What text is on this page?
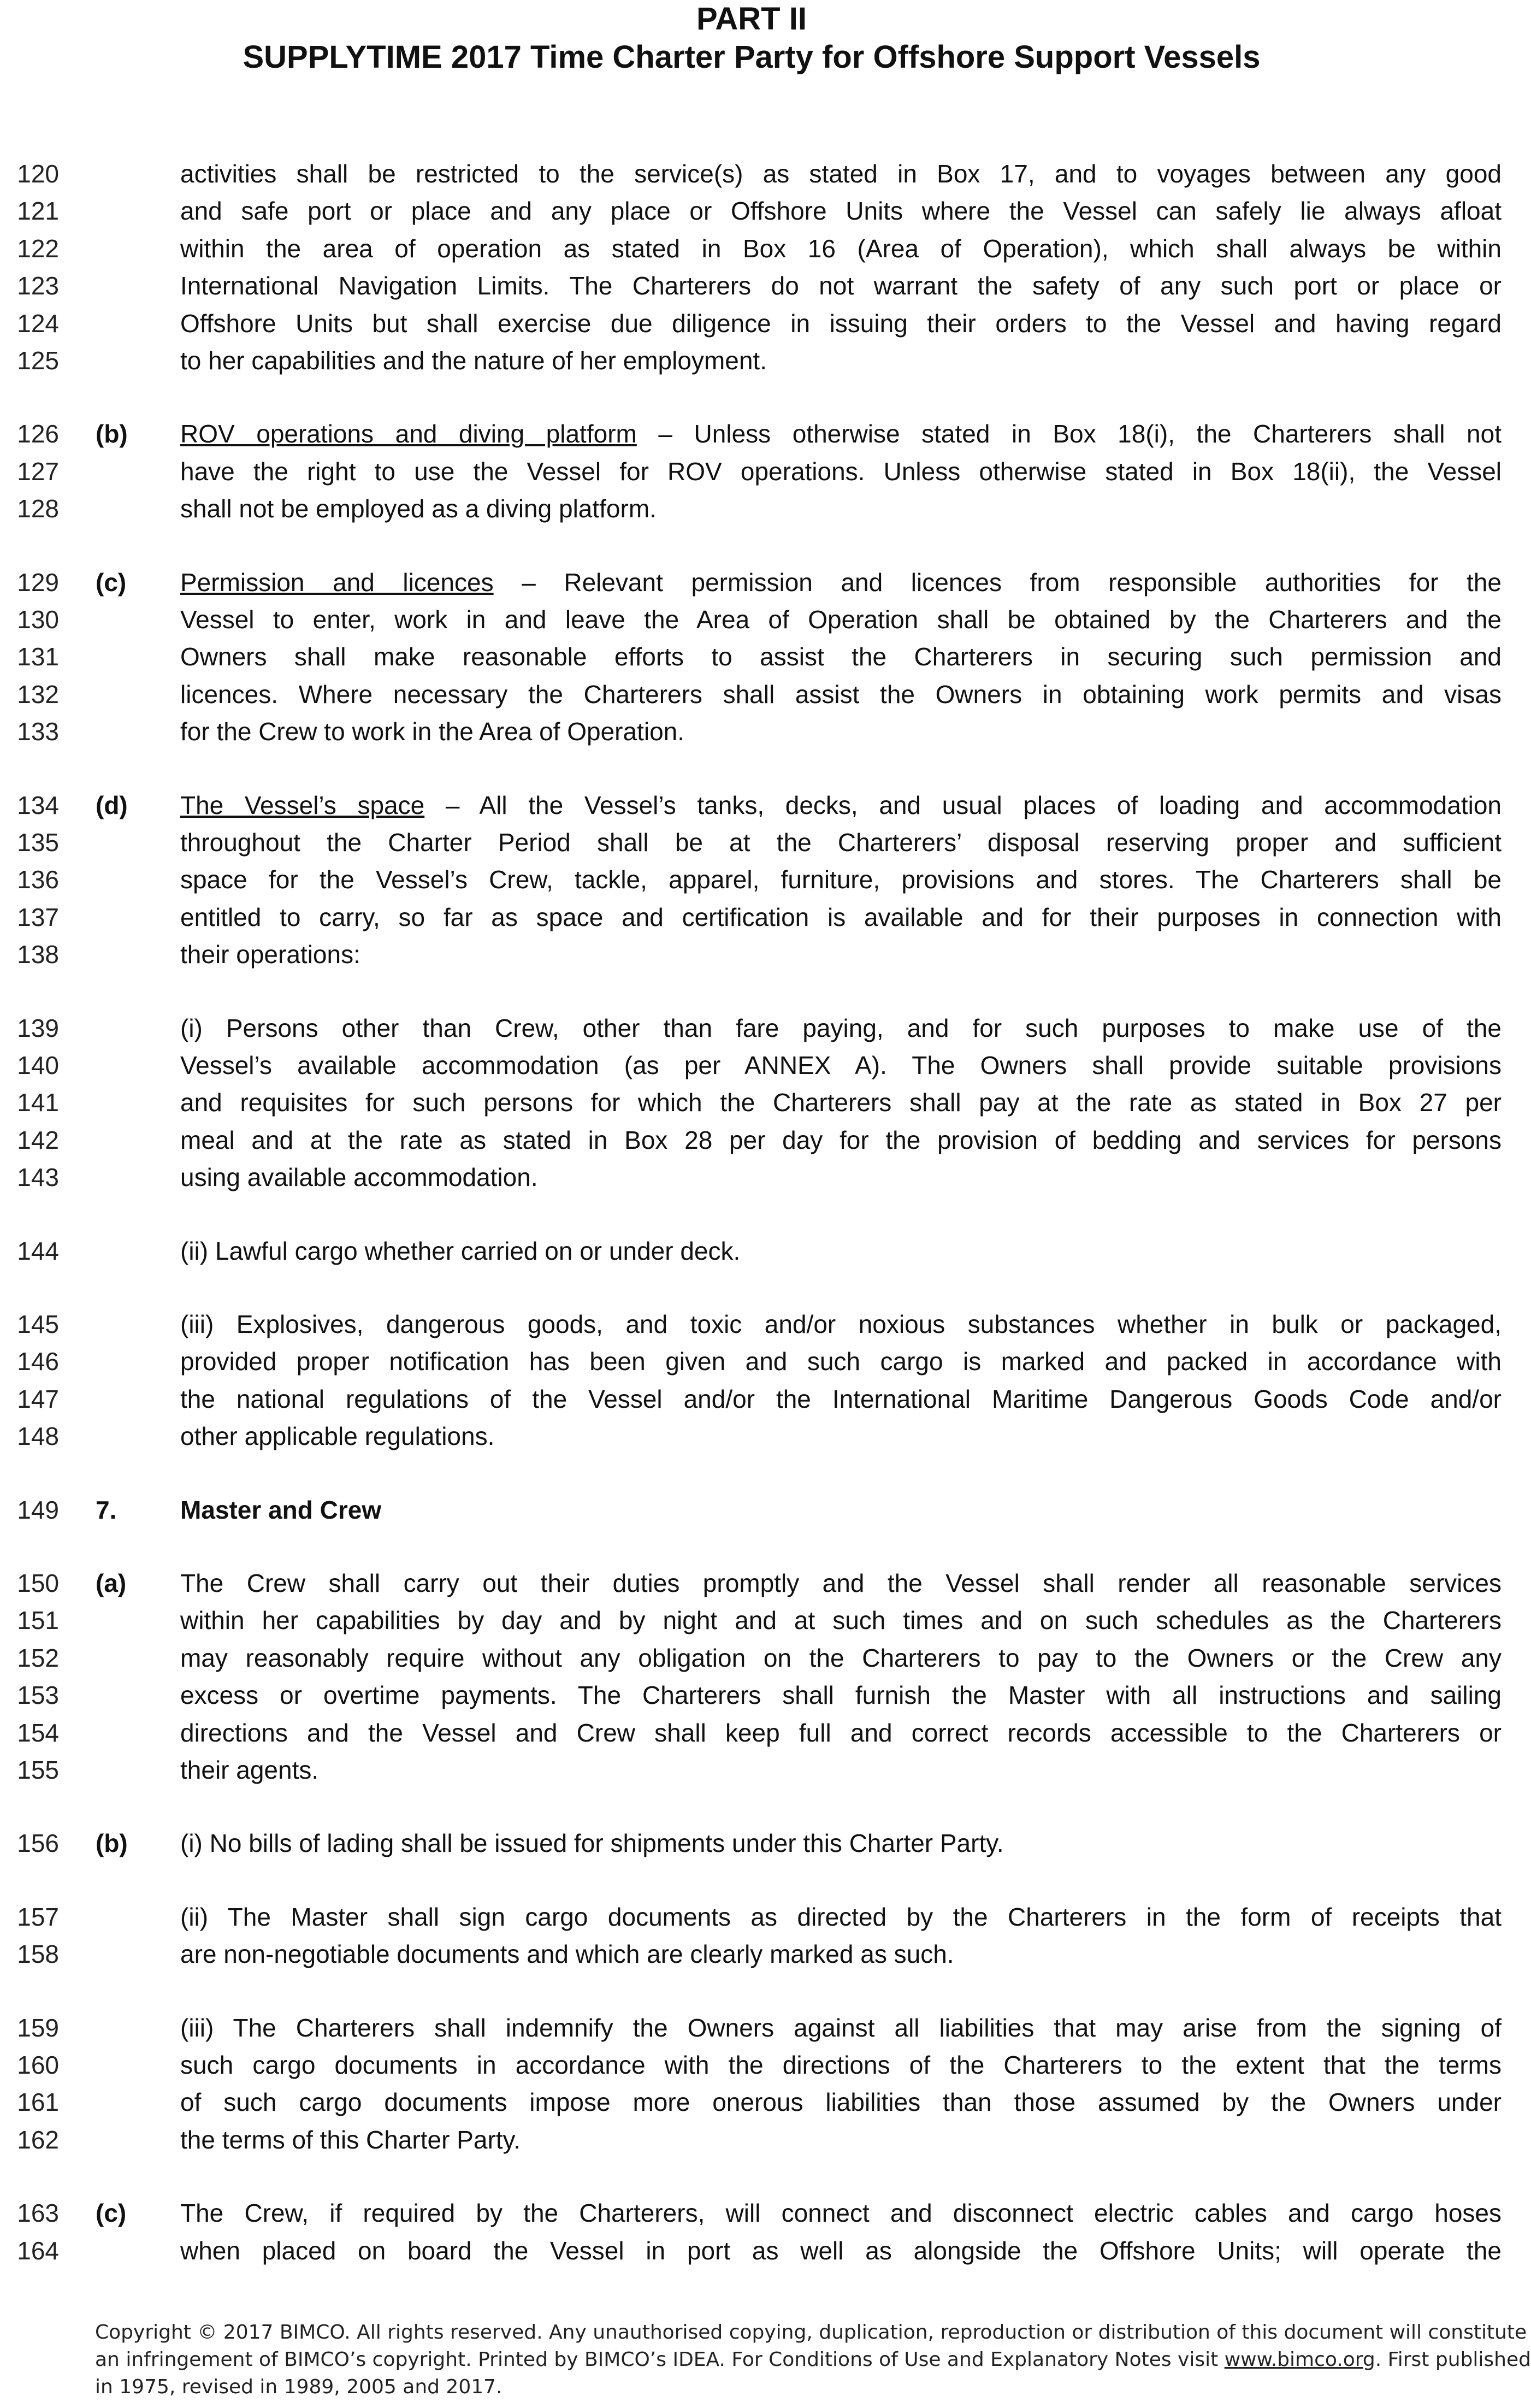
PART II
SUPPLYTIME 2017 Time Charter Party for Offshore Support Vessels
120	activities shall be restricted to the service(s) as stated in Box 17, and to voyages between any good
121	and safe port or place and any place or Offshore Units where the Vessel can safely lie always afloat
122	within the area of operation as stated in Box 16 (Area of Operation), which shall always be within
123	International Navigation Limits. The Charterers do not warrant the safety of any such port or place or
124	Offshore Units but shall exercise due diligence in issuing their orders to the Vessel and having regard
125	to her capabilities and the nature of her employment.
126 (b) ROV operations and diving platform – Unless otherwise stated in Box 18(i), the Charterers shall not
127	have the right to use the Vessel for ROV operations. Unless otherwise stated in Box 18(ii), the Vessel
128	shall not be employed as a diving platform.
129 (c) Permission and licences – Relevant permission and licences from responsible authorities for the
130	Vessel to enter, work in and leave the Area of Operation shall be obtained by the Charterers and the
131	Owners shall make reasonable efforts to assist the Charterers in securing such permission and
132	licences. Where necessary the Charterers shall assist the Owners in obtaining work permits and visas
133	for the Crew to work in the Area of Operation.
134 (d) The Vessel’s space – All the Vessel’s tanks, decks, and usual places of loading and accommodation
135	throughout the Charter Period shall be at the Charterers’ disposal reserving proper and sufficient
136	space for the Vessel’s Crew, tackle, apparel, furniture, provisions and stores. The Charterers shall be
137	entitled to carry, so far as space and certification is available and for their purposes in connection with
138	their operations:
139	(i) Persons other than Crew, other than fare paying, and for such purposes to make use of the
140	Vessel’s available accommodation (as per ANNEX A). The Owners shall provide suitable provisions
141	and requisites for such persons for which the Charterers shall pay at the rate as stated in Box 27 per
142	meal and at the rate as stated in Box 28 per day for the provision of bedding and services for persons
143	using available accommodation.
144	(ii) Lawful cargo whether carried on or under deck.
145	(iii) Explosives, dangerous goods, and toxic and/or noxious substances whether in bulk or packaged,
146	provided proper notification has been given and such cargo is marked and packed in accordance with
147	the national regulations of the Vessel and/or the International Maritime Dangerous Goods Code and/or
148	other applicable regulations.
149 7.	Master and Crew
150 (a) The Crew shall carry out their duties promptly and the Vessel shall render all reasonable services
151	within her capabilities by day and by night and at such times and on such schedules as the Charterers
152	may reasonably require without any obligation on the Charterers to pay to the Owners or the Crew any
153	excess or overtime payments. The Charterers shall furnish the Master with all instructions and sailing
154	directions and the Vessel and Crew shall keep full and correct records accessible to the Charterers or
155	their agents.
156 (b) (i) No bills of lading shall be issued for shipments under this Charter Party.
157	(ii) The Master shall sign cargo documents as directed by the Charterers in the form of receipts that
158	are non-negotiable documents and which are clearly marked as such.
159	(iii) The Charterers shall indemnify the Owners against all liabilities that may arise from the signing of
160	such cargo documents in accordance with the directions of the Charterers to the extent that the terms
161	of such cargo documents impose more onerous liabilities than those assumed by the Owners under
162	the terms of this Charter Party.
163 (c) The Crew, if required by the Charterers, will connect and disconnect electric cables and cargo hoses
164	when placed on board the Vessel in port as well as alongside the Offshore Units; will operate the
Copyright © 2017 BIMCO. All rights reserved. Any unauthorised copying, duplication, reproduction or distribution of this document will constitute
an infringement of BIMCO’s copyright. Printed by BIMCO’s IDEA. For Conditions of Use and Explanatory Notes visit www.bimco.org. First published
in 1975, revised in 1989, 2005 and 2017.
